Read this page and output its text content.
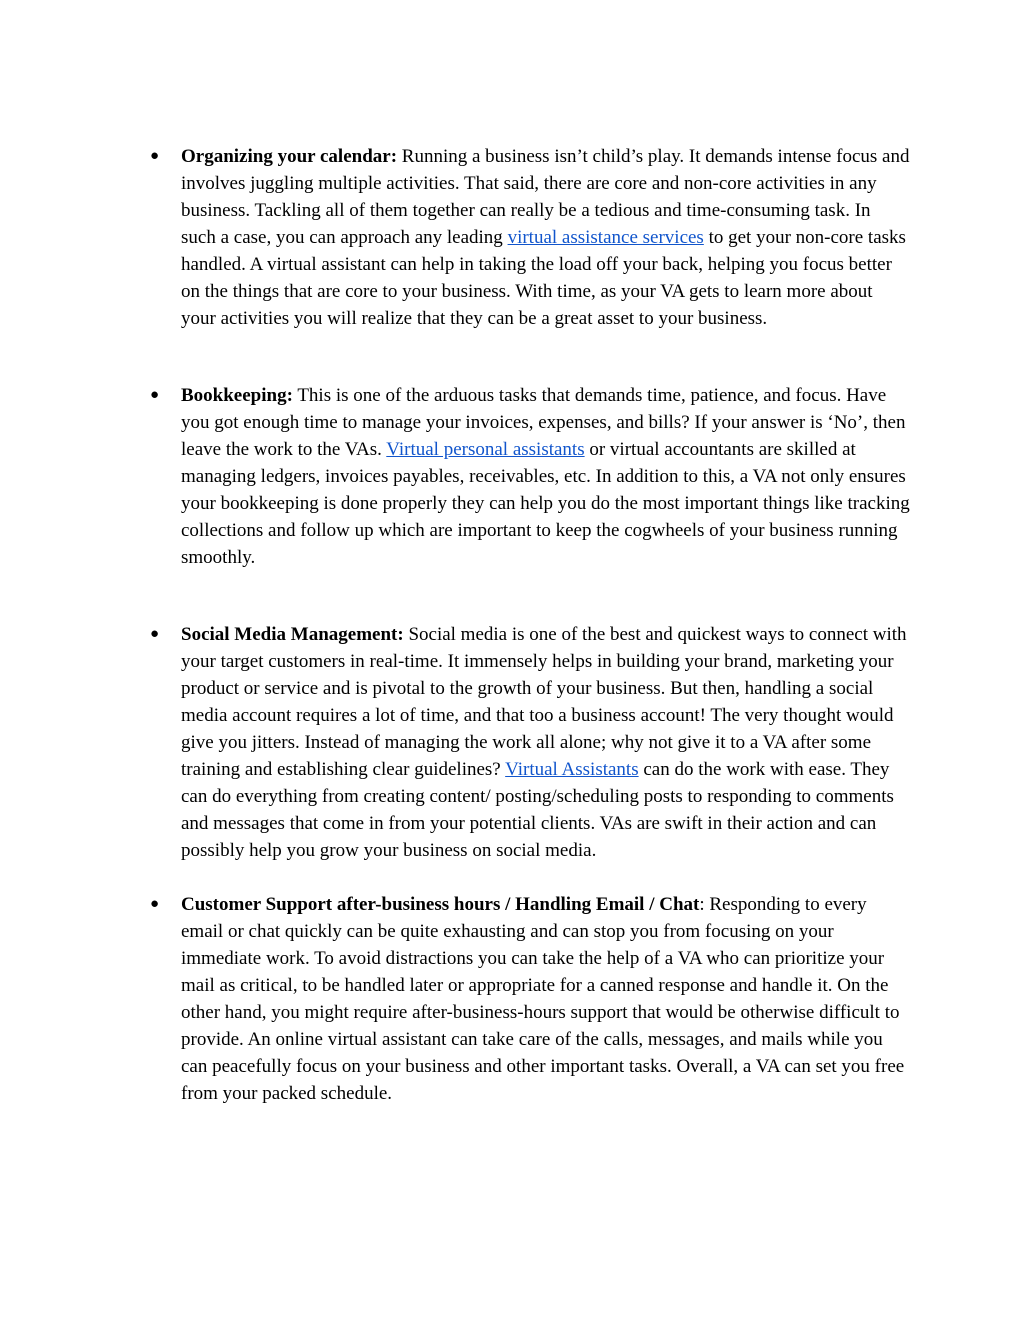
● Organizing your calendar: Running a business isn’t child’s play. It demands intense focus and involves juggling multiple activities. That said, there are core and non-core activities in any business. Tackling all of them together can really be a tedious and time-consuming task. In such a case, you can approach any leading virtual assistance services to get your non-core tasks handled. A virtual assistant can help in taking the load off your back, helping you focus better on the things that are core to your business. With time, as your VA gets to learn more about your activities you will realize that they can be a great asset to your business.
● Bookkeeping: This is one of the arduous tasks that demands time, patience, and focus. Have you got enough time to manage your invoices, expenses, and bills? If your answer is ‘No’, then leave the work to the VAs. Virtual personal assistants or virtual accountants are skilled at managing ledgers, invoices payables, receivables, etc. In addition to this, a VA not only ensures your bookkeeping is done properly they can help you do the most important things like tracking collections and follow up which are important to keep the cogwheels of your business running smoothly.
● Social Media Management: Social media is one of the best and quickest ways to connect with your target customers in real-time. It immensely helps in building your brand, marketing your product or service and is pivotal to the growth of your business. But then, handling a social media account requires a lot of time, and that too a business account! The very thought would give you jitters. Instead of managing the work all alone; why not give it to a VA after some training and establishing clear guidelines? Virtual Assistants can do the work with ease. They can do everything from creating content/ posting/scheduling posts to responding to comments and messages that come in from your potential clients. VAs are swift in their action and can possibly help you grow your business on social media.
● Customer Support after-business hours / Handling Email / Chat: Responding to every email or chat quickly can be quite exhausting and can stop you from focusing on your immediate work. To avoid distractions you can take the help of a VA who can prioritize your mail as critical, to be handled later or appropriate for a canned response and handle it. On the other hand, you might require after-business-hours support that would be otherwise difficult to provide. An online virtual assistant can take care of the calls, messages, and mails while you can peacefully focus on your business and other important tasks. Overall, a VA can set you free from your packed schedule.
